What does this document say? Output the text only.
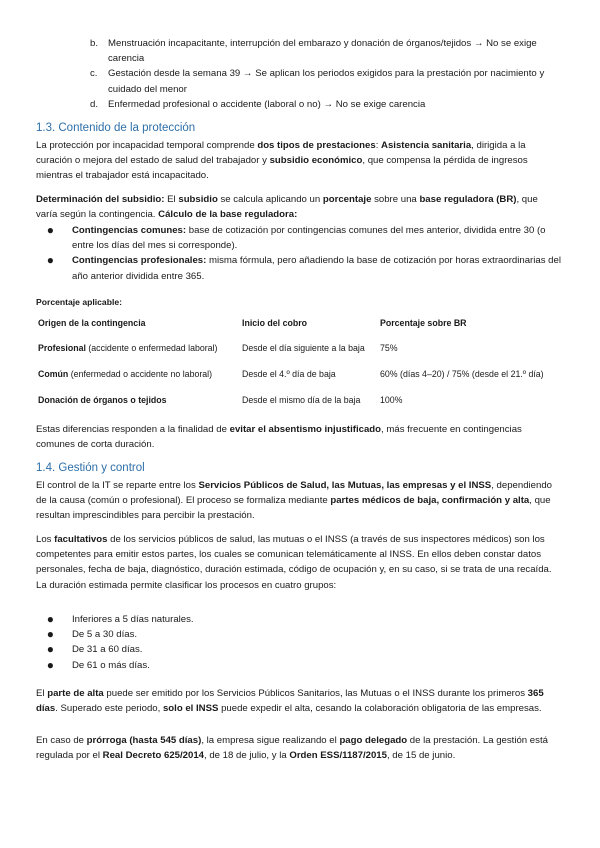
b.	Menstruación incapacitante, interrupción del embarazo y donación de órganos/tejidos → No se exige carencia
c.	Gestación desde la semana 39 → Se aplican los periodos exigidos para la prestación por nacimiento y cuidado del menor
d.	Enfermedad profesional o accidente (laboral o no) → No se exige carencia
1.3. Contenido de la protección

La protección por incapacidad temporal comprende dos tipos de prestaciones: Asistencia sanitaria, dirigida a la curación o mejora del estado de salud del trabajador y subsidio económico, que compensa la pérdida de ingresos mientras el trabajador está incapacitado.

Determinación del subsidio: El subsidio se calcula aplicando un porcentaje sobre una base reguladora (BR), que varía según la contingencia. Cálculo de la base reguladora:

●	Contingencias comunes: base de cotización por contingencias comunes del mes anterior, dividida entre 30 (o entre los días del mes si corresponde).
●	Contingencias profesionales: misma fórmula, pero añadiendo la base de cotización por horas extraordinarias del año anterior dividida entre 365.

Porcentaje aplicable:

Origen de la contingencia	Inicio del cobro	Porcentaje sobre BR
Profesional (accidente o enfermedad laboral)	Desde el día siguiente a la baja	75%
Común (enfermedad o accidente no laboral)	Desde el 4.º día de baja	60% (días 4–20) / 75% (desde el 21.º día)
Donación de órganos o tejidos	Desde el mismo día de la baja	100%

Estas diferencias responden a la finalidad de evitar el absentismo injustificado, más frecuente en contingencias comunes de corta duración.

1.4. Gestión y control

El control de la IT se reparte entre los Servicios Públicos de Salud, las Mutuas, las empresas y el INSS, dependiendo de la causa (común o profesional). El proceso se formaliza mediante partes médicos de baja, confirmación y alta, que resultan imprescindibles para percibir la prestación.

Los facultativos de los servicios públicos de salud, las mutuas o el INSS (a través de sus inspectores médicos) son los competentes para emitir estos partes, los cuales se comunican telemáticamente al INSS. En ellos deben constar datos personales, fecha de baja, diagnóstico, duración estimada, código de ocupación y, en su caso, si se trata de una recaída. La duración estimada permite clasificar los procesos en cuatro grupos:

●	Inferiores a 5 días naturales.
●	De 5 a 30 días.
●	De 31 a 60 días.
●	De 61 o más días.

El parte de alta puede ser emitido por los Servicios Públicos Sanitarios, las Mutuas o el INSS durante los primeros 365 días. Superado este periodo, solo el INSS puede expedir el alta, cesando la colaboración obligatoria de las empresas.

En caso de prórroga (hasta 545 días), la empresa sigue realizando el pago delegado de la prestación. La gestión está regulada por el Real Decreto 625/2014, de 18 de julio, y la Orden ESS/1187/2015, de 15 de junio.
